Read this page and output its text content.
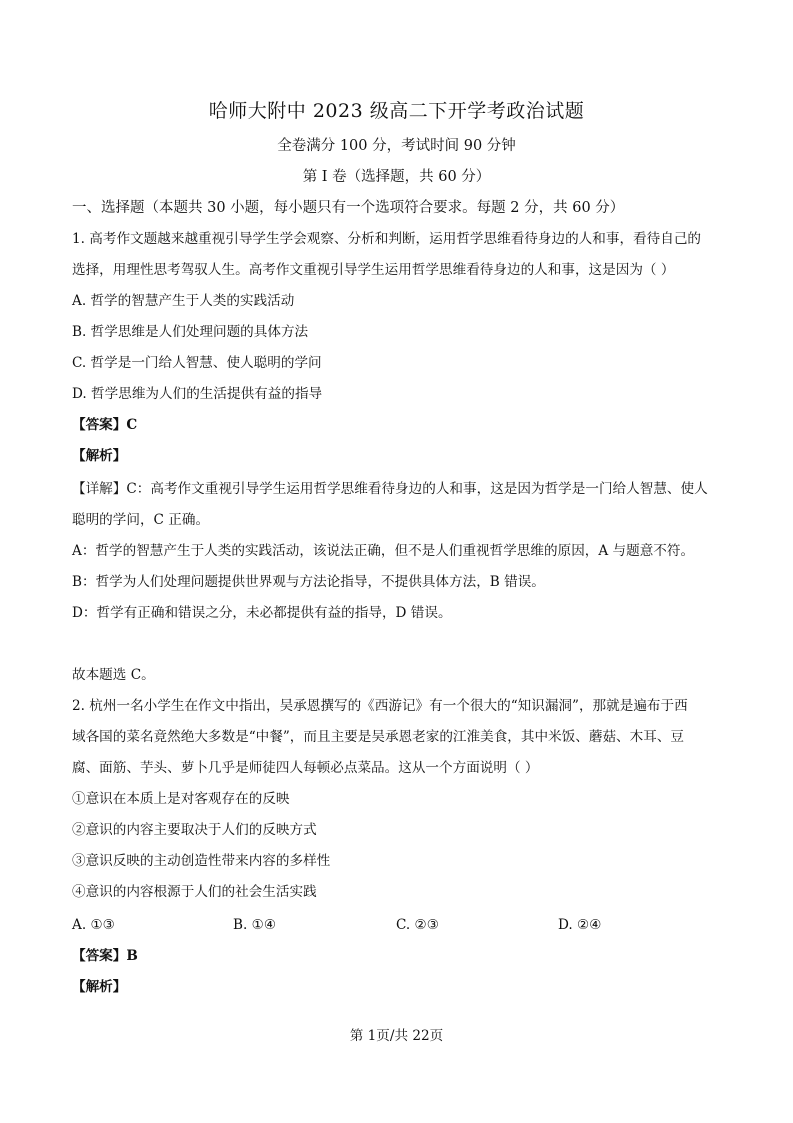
哈师大附中 2023 级高二下开学考政治试题
全卷满分 100 分，考试时间 90 分钟
第 I 卷（选择题，共 60 分）
一、选择题（本题共 30 小题，每小题只有一个选项符合要求。每题 2 分，共 60 分）
1. 高考作文题越来越重视引导学生学会观察、分析和判断，运用哲学思维看待身边的人和事，看待自己的
选择，用理性思考驾驭人生。高考作文重视引导学生运用哲学思维看待身边的人和事，这是因为（ ）
A. 哲学的智慧产生于人类的实践活动
B. 哲学思维是人们处理问题的具体方法
C. 哲学是一门给人智慧、使人聪明的学问
D. 哲学思维为人们的生活提供有益的指导
【答案】C
【解析】
【详解】C：高考作文重视引导学生运用哲学思维看待身边的人和事，这是因为哲学是一门给人智慧、使人
聪明的学问，C 正确。
A：哲学的智慧产生于人类的实践活动，该说法正确，但不是人们重视哲学思维的原因，A 与题意不符。
B：哲学为人们处理问题提供世界观与方法论指导，不提供具体方法，B 错误。
D：哲学有正确和错误之分，未必都提供有益的指导，D 错误。
故本题选 C。
2. 杭州一名小学生在作文中指出，吴承恩撰写的《西游记》有一个很大的“知识漏洞”，那就是遍布于西
域各国的菜名竟然绝大多数是“中餐”，而且主要是吴承恩老家的江淮美食，其中米饭、蘑菇、木耳、豆
腐、面筋、芋头、萝卜几乎是师徒四人每顿必点菜品。这从一个方面说明（ ）
①意识在本质上是对客观存在的反映
②意识的内容主要取决于人们的反映方式
③意识反映的主动创造性带来内容的多样性
④意识的内容根源于人们的社会生活实践
A. ①③	B. ①④	C. ②③	D. ②④
【答案】B
【解析】
第 1页/共 22页
